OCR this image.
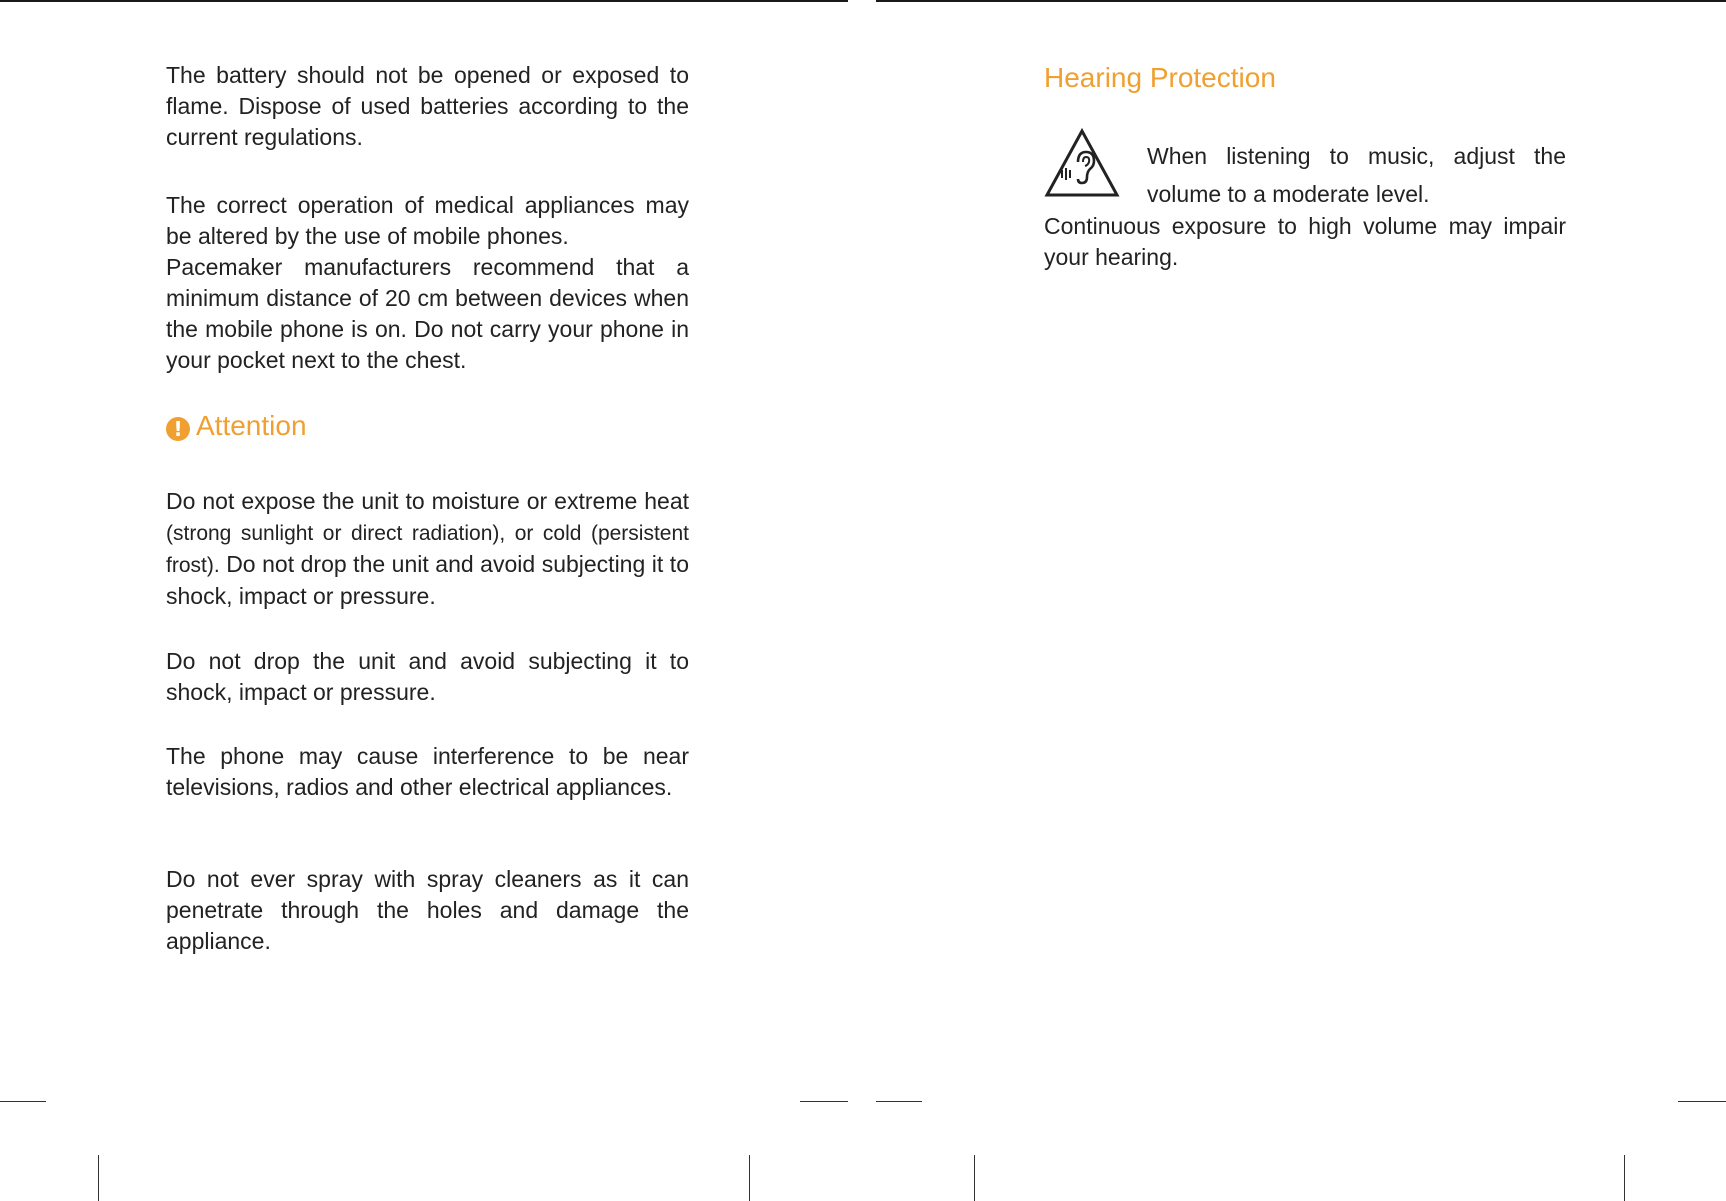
The battery should not be opened or exposed to flame. Dispose of used batteries according to the current regulations.

The correct operation of medical appliances may be altered by the use of mobile phones.

Pacemaker manufacturers recommend that a minimum distance of 20 cm between devices when the mobile phone is on. Do not carry your phone in your pocket next to the chest.

! Attention

Do not expose the unit to moisture or extreme heat (strong sunlight or direct radiation), or cold (persistent frost). Do not drop the unit and avoid subjecting it to shock, impact or pressure.

Do not drop the unit and avoid subjecting it to shock, impact or pressure.

The phone may cause interference to be near televisions, radios and other electrical appliances.

Do not ever spray with spray cleaners as it can penetrate through the holes and damage the appliance.

Hearing Protection

When listening to music, adjust the

volume to a moderate level.

Continuous exposure to high volume may impair your hearing.
